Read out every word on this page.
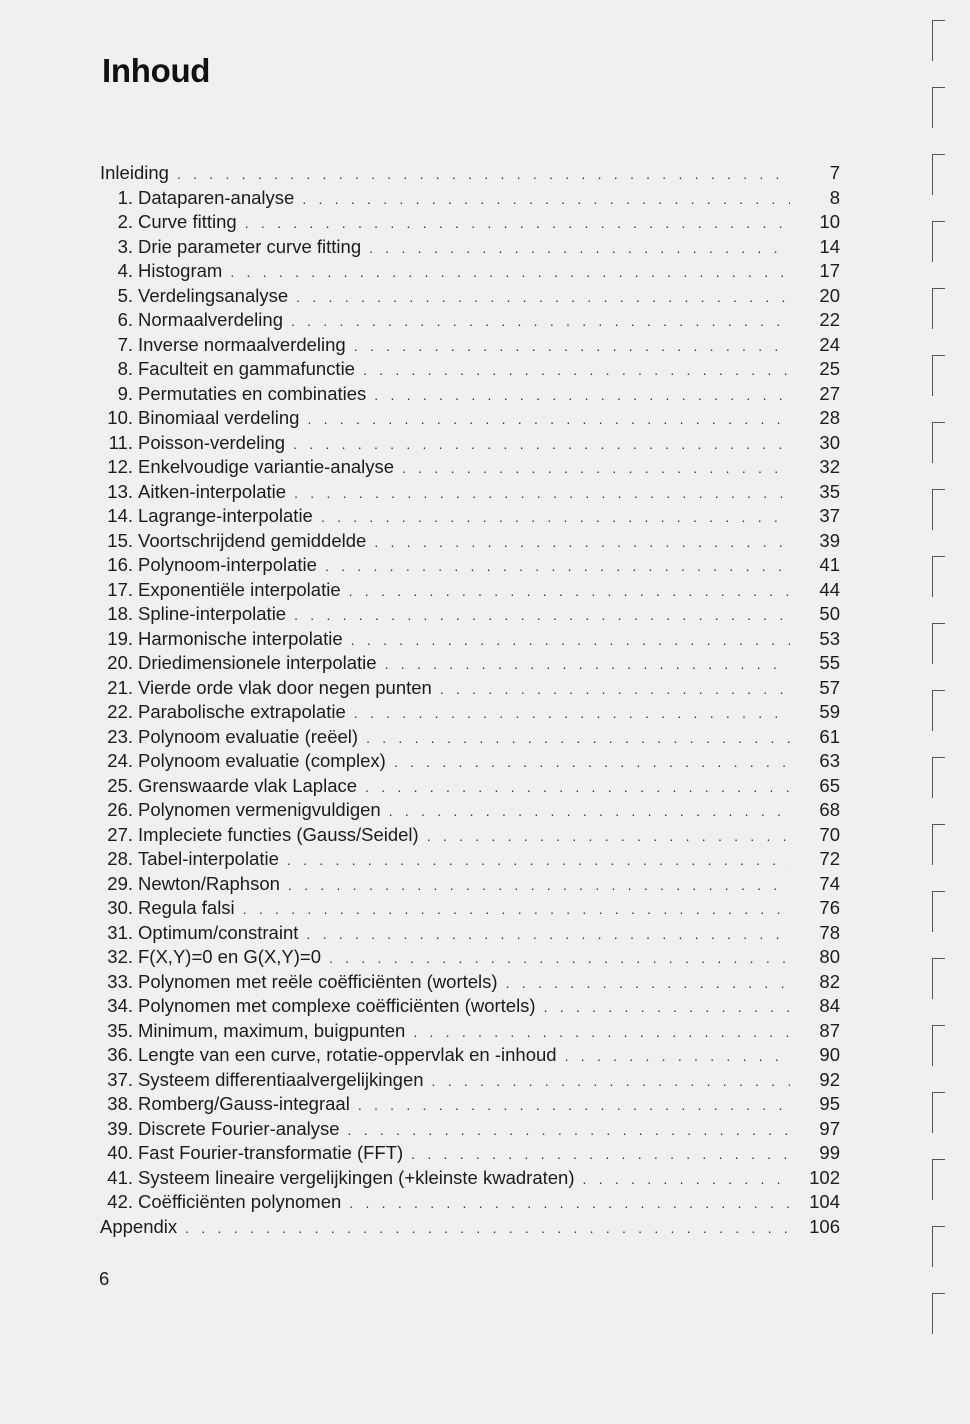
Inhoud
Inleiding . . .	7
1. Dataparen-analyse . . .	8
2. Curve fitting . . .	10
3. Drie parameter curve fitting . . .	14
4. Histogram . . .	17
5. Verdelingsanalyse . . .	20
6. Normaalverdeling . . .	22
7. Inverse normaalverdeling . . .	24
8. Faculteit en gammafunctie . . .	25
9. Permutaties en combinaties . . .	27
10. Binomiaal verdeling . . .	28
11. Poisson-verdeling . . .	30
12. Enkelvoudige variantie-analyse . . .	32
13. Aitken-interpolatie . . .	35
14. Lagrange-interpolatie . . .	37
15. Voortschrijdend gemiddelde . . .	39
16. Polynoom-interpolatie . . .	41
17. Exponentiële interpolatie . . .	44
18. Spline-interpolatie . . .	50
19. Harmonische interpolatie . . .	53
20. Driedimensionele interpolatie . . .	55
21. Vierde orde vlak door negen punten . . .	57
22. Parabolische extrapolatie . . .	59
23. Polynoom evaluatie (reëel) . . .	61
24. Polynoom evaluatie (complex) . . .	63
25. Grenswaarde vlak Laplace . . .	65
26. Polynomen vermenigvuldigen . . .	68
27. Impleciete functies (Gauss/Seidel) . . .	70
28. Tabel-interpolatie . . .	72
29. Newton/Raphson . . .	74
30. Regula falsi . . .	76
31. Optimum/constraint . . .	78
32. F(X,Y)=0 en G(X,Y)=0 . . .	80
33. Polynomen met reële coëfficiënten (wortels) . . .	82
34. Polynomen met complexe coëfficiënten (wortels) . . .	84
35. Minimum, maximum, buigpunten . . .	87
36. Lengte van een curve, rotatie-oppervlak en -inhoud . . .	90
37. Systeem differentiaalvergelijkingen . . .	92
38. Romberg/Gauss-integraal . . .	95
39. Discrete Fourier-analyse . . .	97
40. Fast Fourier-transformatie (FFT) . . .	99
41. Systeem lineaire vergelijkingen (+kleinste kwadraten) . . .	102
42. Coëfficiënten polynomen . . .	104
Appendix . . .	106
6
